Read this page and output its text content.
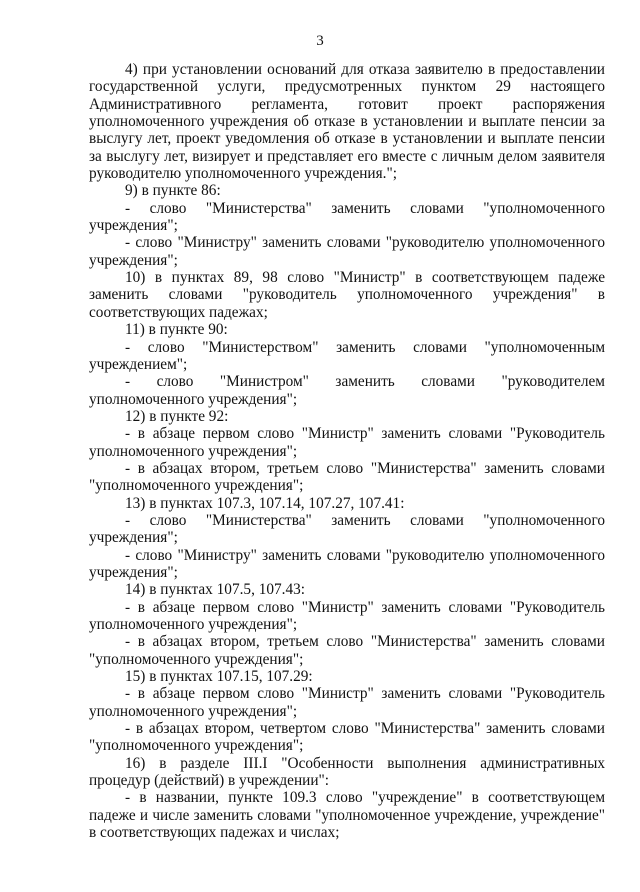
3

4) при установлении оснований для отказа заявителю в предоставлении государственной услуги, предусмотренных пунктом 29 настоящего Административного регламента, готовит проект распоряжения уполномоченного учреждения об отказе в установлении и выплате пенсии за выслугу лет, проект уведомления об отказе в установлении и выплате пенсии за выслугу лет, визирует и представляет его вместе с личным делом заявителя руководителю уполномоченного учреждения.";

9) в пункте 86:

- слово "Министерства" заменить словами "уполномоченного учреждения";

- слово "Министру" заменить словами "руководителю уполномоченного учреждения";

10) в пунктах 89, 98 слово "Министр" в соответствующем падеже заменить словами "руководитель уполномоченного учреждения" в соответствующих падежах;

11) в пункте 90:

- слово "Министерством" заменить словами "уполномоченным учреждением";

- слово "Министром" заменить словами "руководителем уполномоченного учреждения";

12) в пункте 92:

- в абзаце первом слово "Министр" заменить словами "Руководитель уполномоченного учреждения";

- в абзацах втором, третьем слово "Министерства" заменить словами "уполномоченного учреждения";

13) в пунктах 107.3, 107.14, 107.27, 107.41:

- слово "Министерства" заменить словами "уполномоченного учреждения";

- слово "Министру" заменить словами "руководителю уполномоченного учреждения";

14) в пунктах 107.5, 107.43:

- в абзаце первом слово "Министр" заменить словами "Руководитель уполномоченного учреждения";

- в абзацах втором, третьем слово "Министерства" заменить словами "уполномоченного учреждения";

15) в пунктах 107.15, 107.29:

- в абзаце первом слово "Министр" заменить словами "Руководитель уполномоченного учреждения";

- в абзацах втором, четвертом слово "Министерства" заменить словами "уполномоченного учреждения";

16) в разделе III.I "Особенности выполнения административных процедур (действий) в учреждении":

- в названии, пункте 109.3 слово "учреждение" в соответствующем падеже и числе заменить словами "уполномоченное учреждение, учреждение" в соответствующих падежах и числах;
